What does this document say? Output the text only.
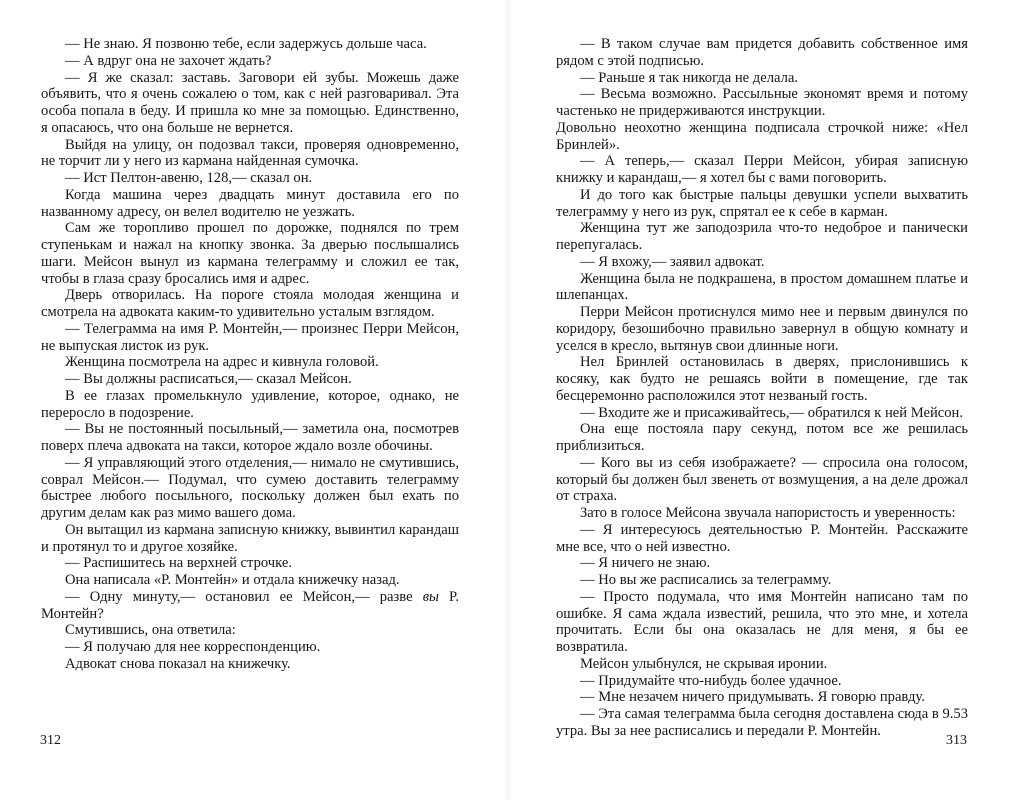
— Не знаю. Я позвоню тебе, если задержусь дольше часа.

— А вдруг она не захочет ждать?

— Я же сказал: заставь. Заговори ей зубы. Можешь даже объявить, что я очень сожалею о том, как с ней разговаривал. Эта особа попала в беду. И пришла ко мне за помощью. Единственно, я опасаюсь, что она больше не вернется.

Выйдя на улицу, он подозвал такси, проверяя одновременно, не торчит ли у него из кармана найденная сумочка.

— Ист Пелтон-авеню, 128,— сказал он.

Когда машина через двадцать минут доставила его по названному адресу, он велел водителю не уезжать.

Сам же торопливо прошел по дорожке, поднялся по трем ступенькам и нажал на кнопку звонка. За дверью послышались шаги. Мейсон вынул из кармана телеграмму и сложил ее так, чтобы в глаза сразу бросались имя и адрес.

Дверь отворилась. На пороге стояла молодая женщина и смотрела на адвоката каким-то удивительно усталым взглядом.

— Телеграмма на имя Р. Монтейн,— произнес Перри Мейсон, не выпуская листок из рук.

Женщина посмотрела на адрес и кивнула головой.

— Вы должны расписаться,— сказал Мейсон.

В ее глазах промелькнуло удивление, которое, однако, не переросло в подозрение.

— Вы не постоянный посыльный,— заметила она, посмотрев поверх плеча адвоката на такси, которое ждало возле обочины.

— Я управляющий этого отделения,— нимало не смутившись, соврал Мейсон.— Подумал, что сумею доставить телеграмму быстрее любого посыльного, поскольку должен был ехать по другим делам как раз мимо вашего дома.

Он вытащил из кармана записную книжку, вывинтил карандаш и протянул то и другое хозяйке.

— Распишитесь на верхней строчке.

Она написала «Р. Монтейн» и отдала книжечку назад.

— Одну минуту,— остановил ее Мейсон,— разве вы Р. Монтейн?

Смутившись, она ответила:

— Я получаю для нее корреспонденцию.

Адвокат снова показал на книжечку.

— В таком случае вам придется добавить собственное имя рядом с этой подписью.

— Раньше я так никогда не делала.

— Весьма возможно. Рассыльные экономят время и потому частенько не придерживаются инструкции.

Довольно неохотно женщина подписала строчкой ниже: «Нел Бринлей».

— А теперь,— сказал Перри Мейсон, убирая записную книжку и карандаш,— я хотел бы с вами поговорить.

И до того как быстрые пальцы девушки успели выхватить телеграмму у него из рук, спрятал ее к себе в карман.

Женщина тут же заподозрила что-то недоброе и панически перепугалась.

— Я вхожу,— заявил адвокат.

Женщина была не подкрашена, в простом домашнем платье и шлепанцах.

Перри Мейсон протиснулся мимо нее и первым двинулся по коридору, безошибочно правильно завернул в общую комнату и уселся в кресло, вытянув свои длинные ноги.

Нел Бринлей остановилась в дверях, прислонившись к косяку, как будто не решаясь войти в помещение, где так бесцеремонно расположился этот незваный гость.

— Входите же и присаживайтесь,— обратился к ней Мейсон.

Она еще постояла пару секунд, потом все же решилась приблизиться.

— Кого вы из себя изображаете? — спросила она голосом, который бы должен был звенеть от возмущения, а на деле дрожал от страха.

Зато в голосе Мейсона звучала напористость и уверенность:

— Я интересуюсь деятельностью Р. Монтейн. Расскажите мне все, что о ней известно.

— Я ничего не знаю.

— Но вы же расписались за телеграмму.

— Просто подумала, что имя Монтейн написано там по ошибке. Я сама ждала известий, решила, что это мне, и хотела прочитать. Если бы она оказалась не для меня, я бы ее возвратила.

Мейсон улыбнулся, не скрывая иронии.

— Придумайте что-нибудь более удачное.

— Мне незачем ничего придумывать. Я говорю правду.

— Эта самая телеграмма была сегодня доставлена сюда в 9.53 утра. Вы за нее расписались и передали Р. Монтейн.

312	313
